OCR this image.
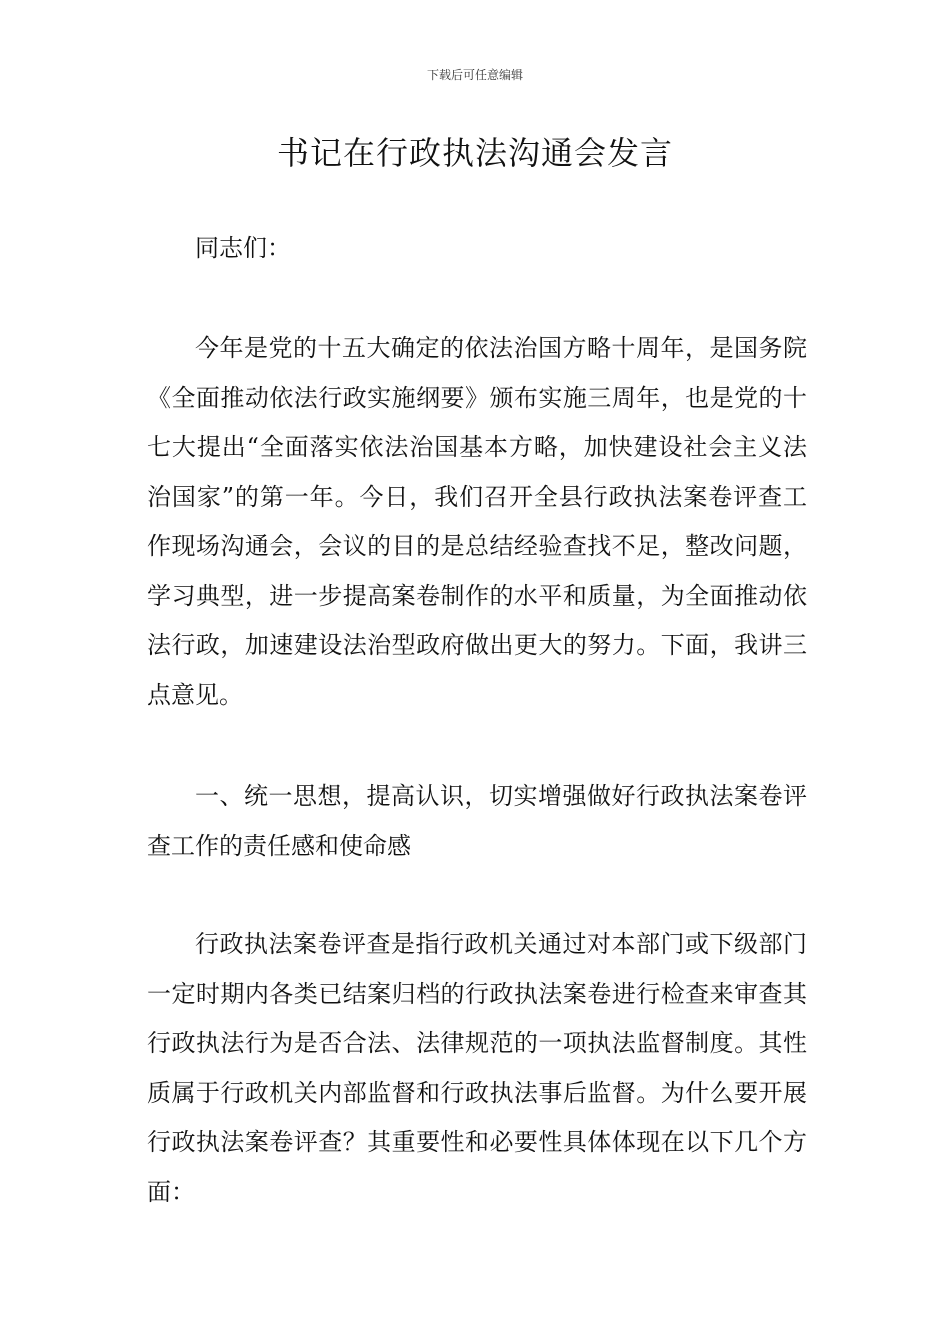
下载后可任意编辑
书记在行政执法沟通会发言

同志们：

今年是党的十五大确定的依法治国方略十周年，是国务院《全面推动依法行政实施纲要》颁布实施三周年，也是党的十七大提出“全面落实依法治国基本方略，加快建设社会主义法治国家”的第一年。今日，我们召开全县行政执法案卷评查工作现场沟通会，会议的目的是总结经验查找不足，整改问题，学习典型，进一步提高案卷制作的水平和质量，为全面推动依法行政，加速建设法治型政府做出更大的努力。下面，我讲三点意见。

一、统一思想，提高认识，切实增强做好行政执法案卷评查工作的责任感和使命感

行政执法案卷评查是指行政机关通过对本部门或下级部门一定时期内各类已结案归档的行政执法案卷进行检查来审查其行政执法行为是否合法、法律规范的一项执法监督制度。其性质属于行政机关内部监督和行政执法事后监督。为什么要开展行政执法案卷评查？其重要性和必要性具体体现在以下几个方面：
